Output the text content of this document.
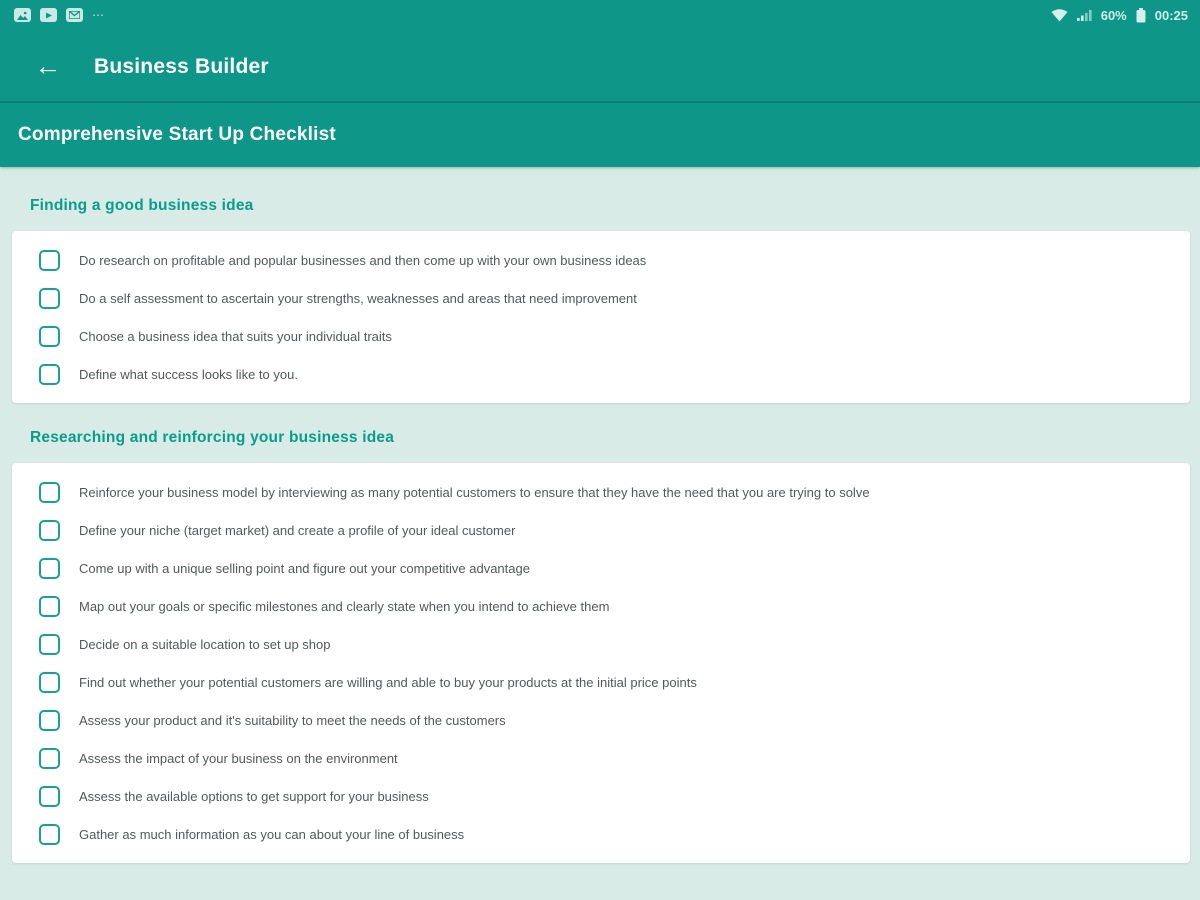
⋯	60% 00:25
←	Business Builder
Comprehensive Start Up Checklist
Finding a good business idea
Do research on profitable and popular businesses and then come up with your own business ideas
Do a self assessment to ascertain your strengths, weaknesses and areas that need improvement
Choose a business idea that suits your individual traits
Define what success looks like to you.
Researching and reinforcing your business idea
Reinforce your business model by interviewing as many potential customers to ensure that they have the need that you are trying to solve
Define your niche (target market) and create a profile of your ideal customer
Come up with a unique selling point and figure out your competitive advantage
Map out your goals or specific milestones and clearly state when you intend to achieve them
Decide on a suitable location to set up shop
Find out whether your potential customers are willing and able to buy your products at the initial price points
Assess your product and it's suitability to meet the needs of the customers
Assess the impact of your business on the environment
Assess the available options to get support for your business
Gather as much information as you can about your line of business
